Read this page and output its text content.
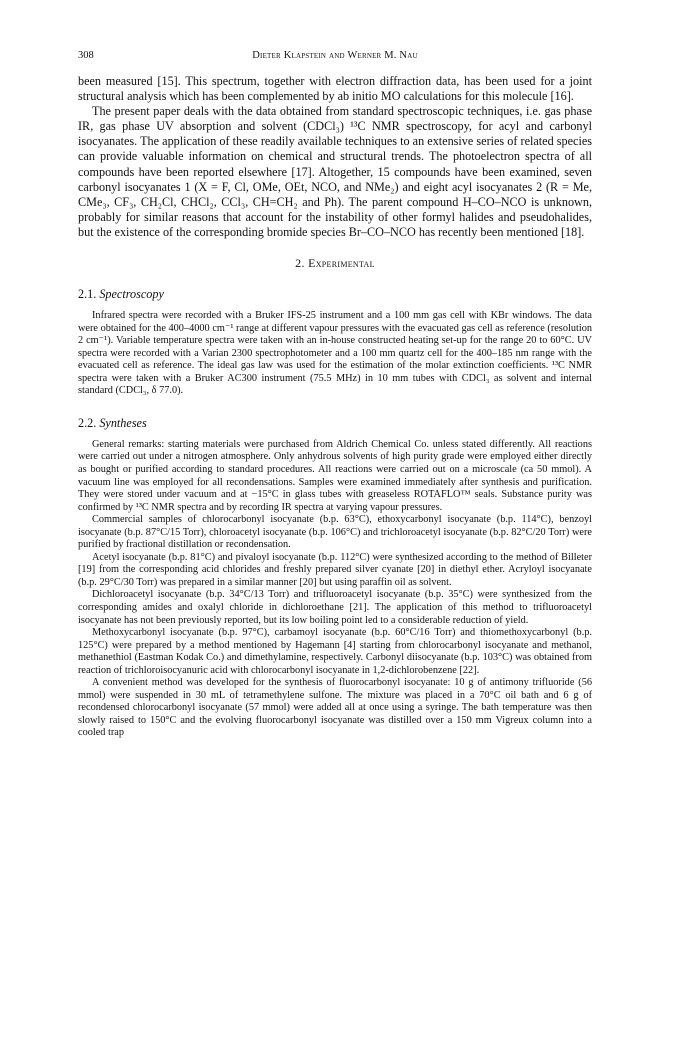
308	Dieter Klapstein and Werner M. Nau

been measured [15]. This spectrum, together with electron diffraction data, has been used for a joint structural analysis which has been complemented by ab initio MO calculations for this molecule [16].

The present paper deals with the data obtained from standard spectroscopic techniques, i.e. gas phase IR, gas phase UV absorption and solvent (CDCl₃) ¹³C NMR spectroscopy, for acyl and carbonyl isocyanates. The application of these readily available techniques to an extensive series of related species can provide valuable information on chemical and structural trends. The photoelectron spectra of all compounds have been reported elsewhere [17]. Altogether, 15 compounds have been examined, seven carbonyl isocyanates 1 (X = F, Cl, OMe, OEt, NCO, and NMe₂) and eight acyl isocyanates 2 (R = Me, CMe₃, CF₃, CH₂Cl, CHCl₂, CCl₃, CH=CH₂ and Ph). The parent compound H–CO–NCO is unknown, probably for similar reasons that account for the instability of other formyl halides and pseudohalides, but the existence of the corresponding bromide species Br–CO–NCO has recently been mentioned [18].

2. Experimental
2.1. Spectroscopy

Infrared spectra were recorded with a Bruker IFS-25 instrument and a 100 mm gas cell with KBr windows. The data were obtained for the 400–4000 cm⁻¹ range at different vapour pressures with the evacuated gas cell as reference (resolution 2 cm⁻¹). Variable temperature spectra were taken with an in-house constructed heating set-up for the range 20 to 60°C. UV spectra were recorded with a Varian 2300 spectrophotometer and a 100 mm quartz cell for the 400–185 nm range with the evacuated cell as reference. The ideal gas law was used for the estimation of the molar extinction coefficients. ¹³C NMR spectra were taken with a Bruker AC300 instrument (75.5 MHz) in 10 mm tubes with CDCl₃ as solvent and internal standard (CDCl₃, δ 77.0).

2.2. Syntheses

General remarks: starting materials were purchased from Aldrich Chemical Co. unless stated differently. All reactions were carried out under a nitrogen atmosphere. Only anhydrous solvents of high purity grade were employed either directly as bought or purified according to standard procedures. All reactions were carried out on a microscale (ca 50 mmol). A vacuum line was employed for all recondensations. Samples were examined immediately after synthesis and purification. They were stored under vacuum and at −15°C in glass tubes with greaseless ROTAFLO™ seals. Substance purity was confirmed by ¹³C NMR spectra and by recording IR spectra at varying vapour pressures.

Commercial samples of chlorocarbonyl isocyanate (b.p. 63°C), ethoxycarbonyl isocyanate (b.p. 114°C), benzoyl isocyanate (b.p. 87°C/15 Torr), chloroacetyl isocyanate (b.p. 106°C) and trichloroacetyl isocyanate (b.p. 82°C/20 Torr) were purified by fractional distillation or recondensation.

Acetyl isocyanate (b.p. 81°C) and pivaloyl isocyanate (b.p. 112°C) were synthesized according to the method of Billeter [19] from the corresponding acid chlorides and freshly prepared silver cyanate [20] in diethyl ether. Acryloyl isocyanate (b.p. 29°C/30 Torr) was prepared in a similar manner [20] but using paraffin oil as solvent.

Dichloroacetyl isocyanate (b.p. 34°C/13 Torr) and trifluoroacetyl isocyanate (b.p. 35°C) were synthesized from the corresponding amides and oxalyl chloride in dichloroethane [21]. The application of this method to trifluoroacetyl isocyanate has not been previously reported, but its low boiling point led to a considerable reduction of yield.

Methoxycarbonyl isocyanate (b.p. 97°C), carbamoyl isocyanate (b.p. 60°C/16 Torr) and thiomethoxycarbonyl (b.p. 125°C) were prepared by a method mentioned by Hagemann [4] starting from chlorocarbonyl isocyanate and methanol, methanethiol (Eastman Kodak Co.) and dimethylamine, respectively. Carbonyl diisocyanate (b.p. 103°C) was obtained from reaction of trichloroisocyanuric acid with chlorocarbonyl isocyanate in 1,2-dichlorobenzene [22].

A convenient method was developed for the synthesis of fluorocarbonyl isocyanate: 10 g of antimony trifluoride (56 mmol) were suspended in 30 mL of tetramethylene sulfone. The mixture was placed in a 70°C oil bath and 6 g of recondensed chlorocarbonyl isocyanate (57 mmol) were added all at once using a syringe. The bath temperature was then slowly raised to 150°C and the evolving fluorocarbonyl isocyanate was distilled over a 150 mm Vigreux column into a cooled trap
